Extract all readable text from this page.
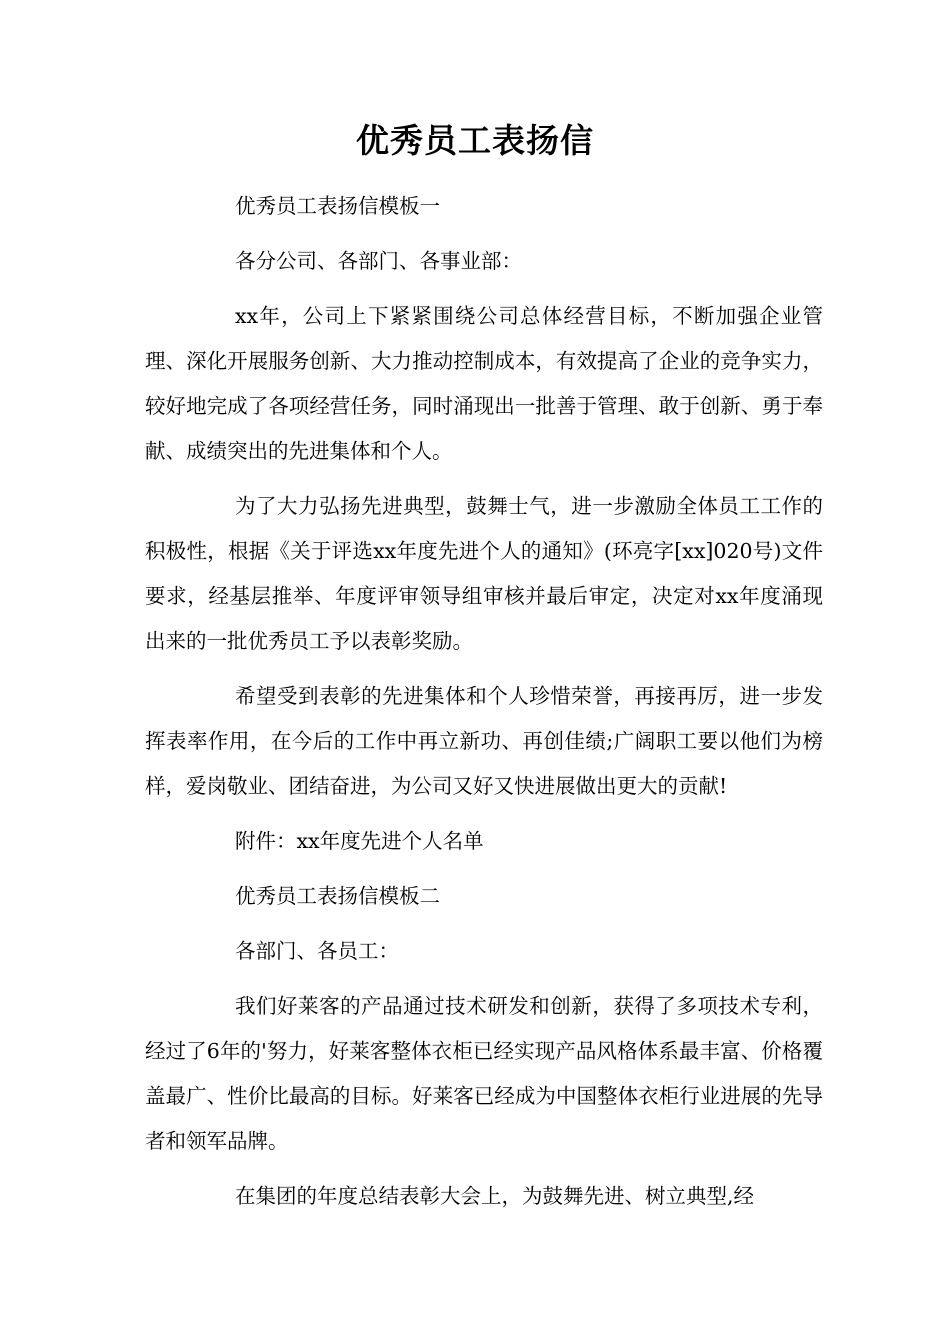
优秀员工表扬信

优秀员工表扬信模板一

各分公司、各部门、各事业部：

xx年，公司上下紧紧围绕公司总体经营目标，不断加强企业管理、深化开展服务创新、大力推动控制成本，有效提高了企业的竞争实力，较好地完成了各项经营任务，同时涌现出一批善于管理、敢于创新、勇于奉献、成绩突出的先进集体和个人。

为了大力弘扬先进典型，鼓舞士气，进一步激励全体员工工作的积极性，根据《关于评选xx年度先进个人的通知》(环亮字[xx]020号)文件要求，经基层推举、年度评审领导组审核并最后审定，决定对xx年度涌现出来的一批优秀员工予以表彰奖励。

希望受到表彰的先进集体和个人珍惜荣誉，再接再厉，进一步发挥表率作用，在今后的工作中再立新功、再创佳绩;广阔职工要以他们为榜样，爱岗敬业、团结奋进，为公司又好又快进展做出更大的贡献!

附件：xx年度先进个人名单

优秀员工表扬信模板二

各部门、各员工：

我们好莱客的产品通过技术研发和创新，获得了多项技术专利，经过了6年的'努力，好莱客整体衣柜已经实现产品风格体系最丰富、价格覆盖最广、性价比最高的目标。好莱客已经成为中国整体衣柜行业进展的先导者和领军品牌。

在集团的年度总结表彰大会上，为鼓舞先进、树立典型,经
